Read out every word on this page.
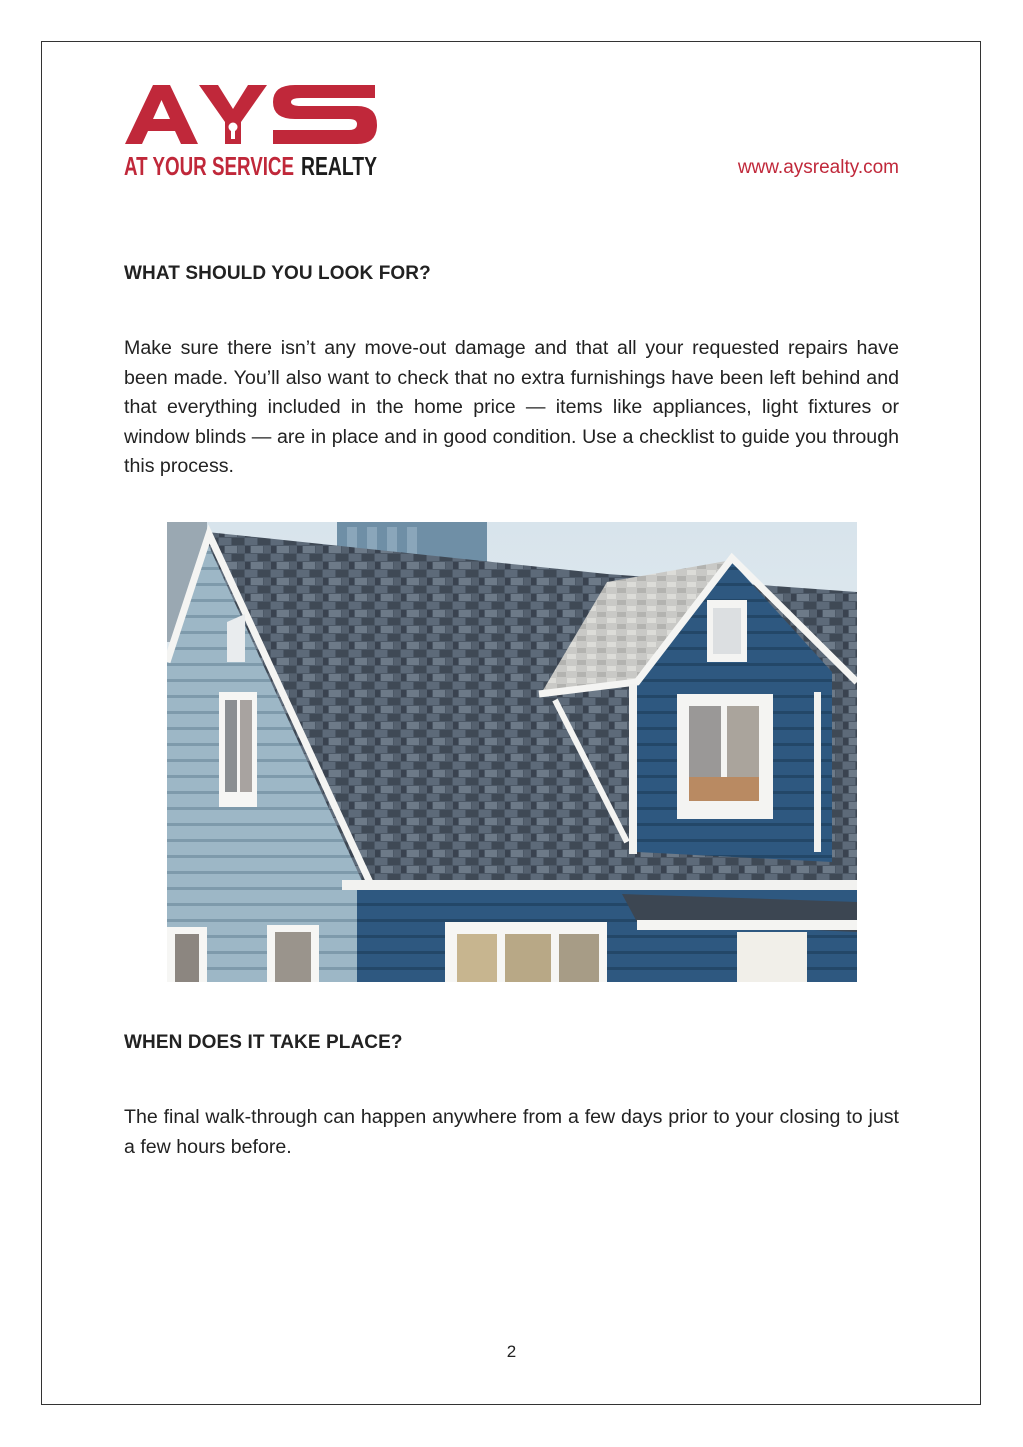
AT YOUR SERVICE REALTY	www.aysrealty.com
WHAT SHOULD YOU LOOK FOR?

Make sure there isn’t any move-out damage and that all your requested repairs have been made. You’ll also want to check that no extra furnishings have been left behind and that everything included in the home price — items like appliances, light fixtures or window blinds — are in place and in good condition. Use a checklist to guide you through this process.

WHEN DOES IT TAKE PLACE?

The final walk-through can happen anywhere from a few days prior to your closing to just a few hours before.

2
